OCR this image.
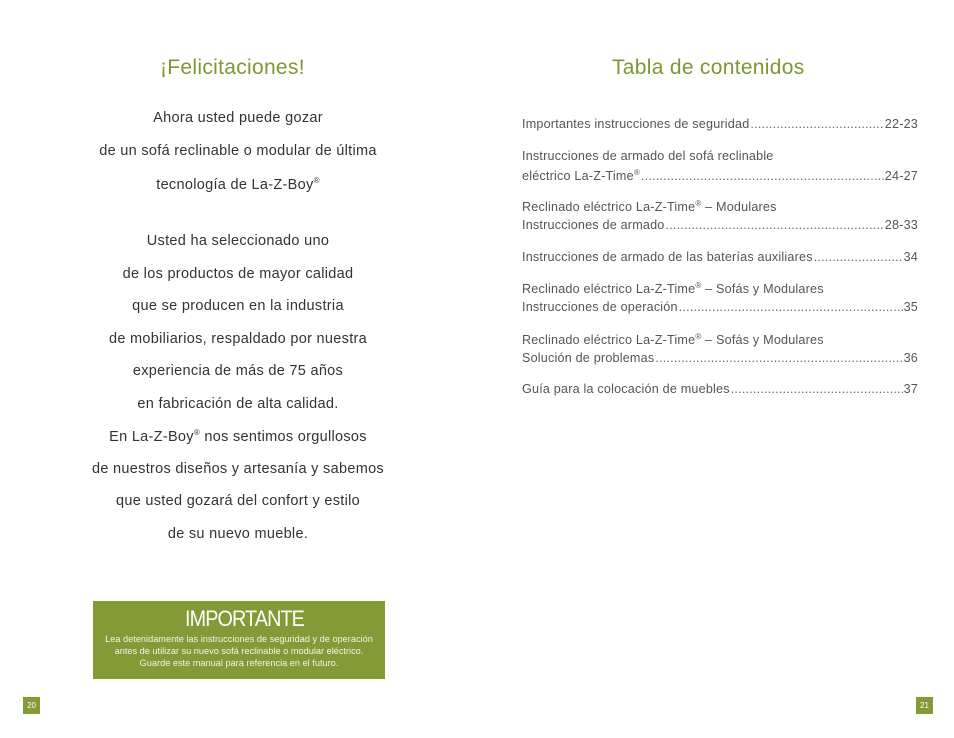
¡Felicitaciones!
Ahora usted puede gozar
de un sofá reclinable o modular de última
tecnología de La-Z-Boy®
Usted ha seleccionado uno
de los productos de mayor calidad
que se producen en la industria
de mobiliarios, respaldado por nuestra
experiencia de más de 75 años
en fabricación de alta calidad.
En La-Z-Boy® nos sentimos orgullosos
de nuestros diseños y artesanía y sabemos
que usted gozará del confort y estilo
de su nuevo mueble.
IMPORTANTE
Lea detenidamente las instrucciones de seguridad y de operación antes de utilizar su nuevo sofá reclinable o modular eléctrico. Guarde este manual para referencia en el futuro.
Tabla de contenidos
Importantes instrucciones de seguridad .....	22-23
Instrucciones de armado del sofá reclinable
eléctrico La-Z-Time® .....	24-27
Reclinado eléctrico La-Z-Time® – Modulares
Instrucciones de armado .....	28-33
Instrucciones de armado de las baterías auxiliares .....	34
Reclinado eléctrico La-Z-Time® – Sofás y Modulares
Instrucciones de operación .....	35
Reclinado eléctrico La-Z-Time® – Sofás y Modulares
Solución de problemas .....	36
Guía para la colocación de muebles .....	37
20	21
